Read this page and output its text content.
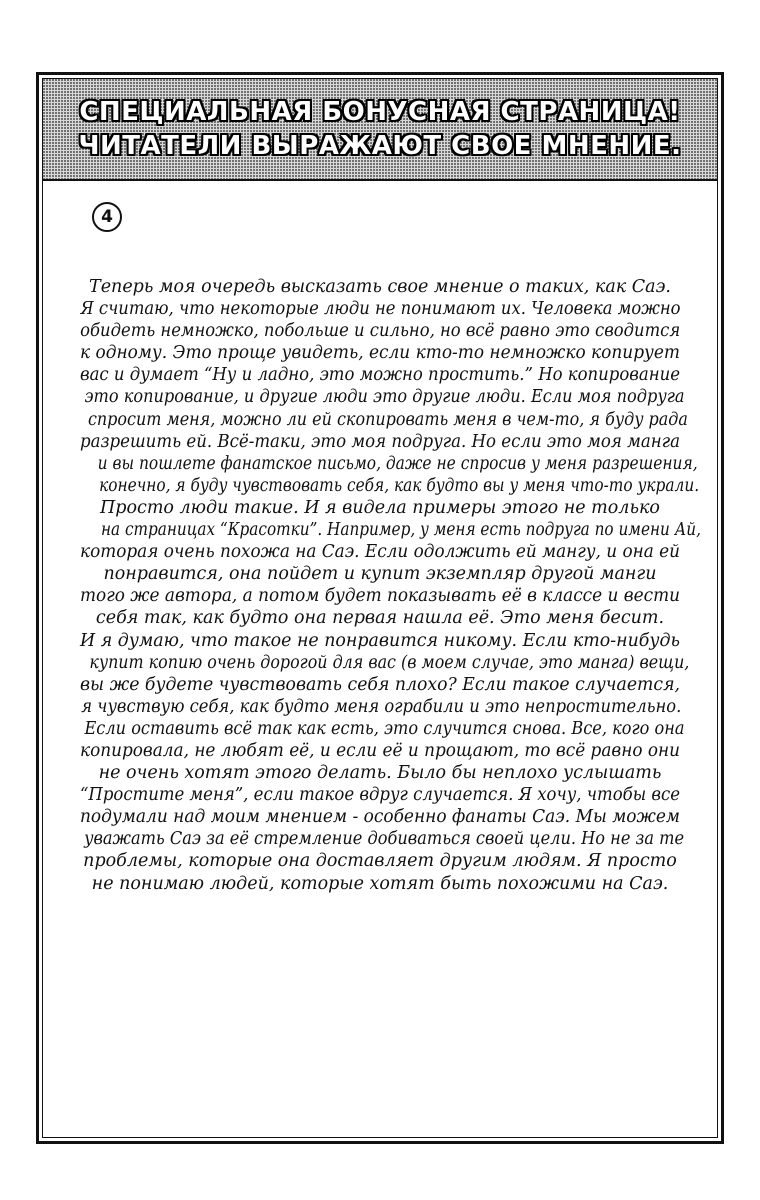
СПЕЦИАЛЬНАЯ БОНУСНАЯ СТРАНИЦА!
ЧИТАТЕЛИ ВЫРАЖАЮТ СВОЕ МНЕНИЕ.
4
Теперь моя очередь высказать свое мнение о таких, как Саэ.
Я считаю, что некоторые люди не понимают их. Человека можно
обидеть немножко, побольше и сильно, но всё равно это сводится
к одному. Это проще увидеть, если кто-то немножко копирует
вас и думает “Ну и ладно, это можно простить.” Но копирование
это копирование, и другие люди это другие люди. Если моя подруга
спросит меня, можно ли ей скопировать меня в чем-то, я буду рада
разрешить ей. Всё-таки, это моя подруга. Но если это моя манга
и вы пошлете фанатское письмо, даже не спросив у меня разрешения,
конечно, я буду чувствовать себя, как будто вы у меня что-то украли.
Просто люди такие. И я видела примеры этого не только
на страницах “Красотки”. Например, у меня есть подруга по имени Ай,
которая очень похожа на Саэ. Если одолжить ей мангу, и она ей
понравится, она пойдет и купит экземпляр другой манги
того же автора, а потом будет показывать её в классе и вести
себя так, как будто она первая нашла её. Это меня бесит.
И я думаю, что такое не понравится никому. Если кто-нибудь
купит копию очень дорогой для вас (в моем случае, это манга) вещи,
вы же будете чувствовать себя плохо? Если такое случается,
я чувствую себя, как будто меня ограбили и это непростительно.
Если оставить всё так как есть, это случится снова. Все, кого она
копировала, не любят её, и если её и прощают, то всё равно они
не очень хотят этого делать. Было бы неплохо услышать
“Простите меня”, если такое вдруг случается. Я хочу, чтобы все
подумали над моим мнением - особенно фанаты Саэ. Мы можем
уважать Саэ за её стремление добиваться своей цели. Но не за те
проблемы, которые она доставляет другим людям. Я просто
не понимаю людей, которые хотят быть похожими на Саэ.
